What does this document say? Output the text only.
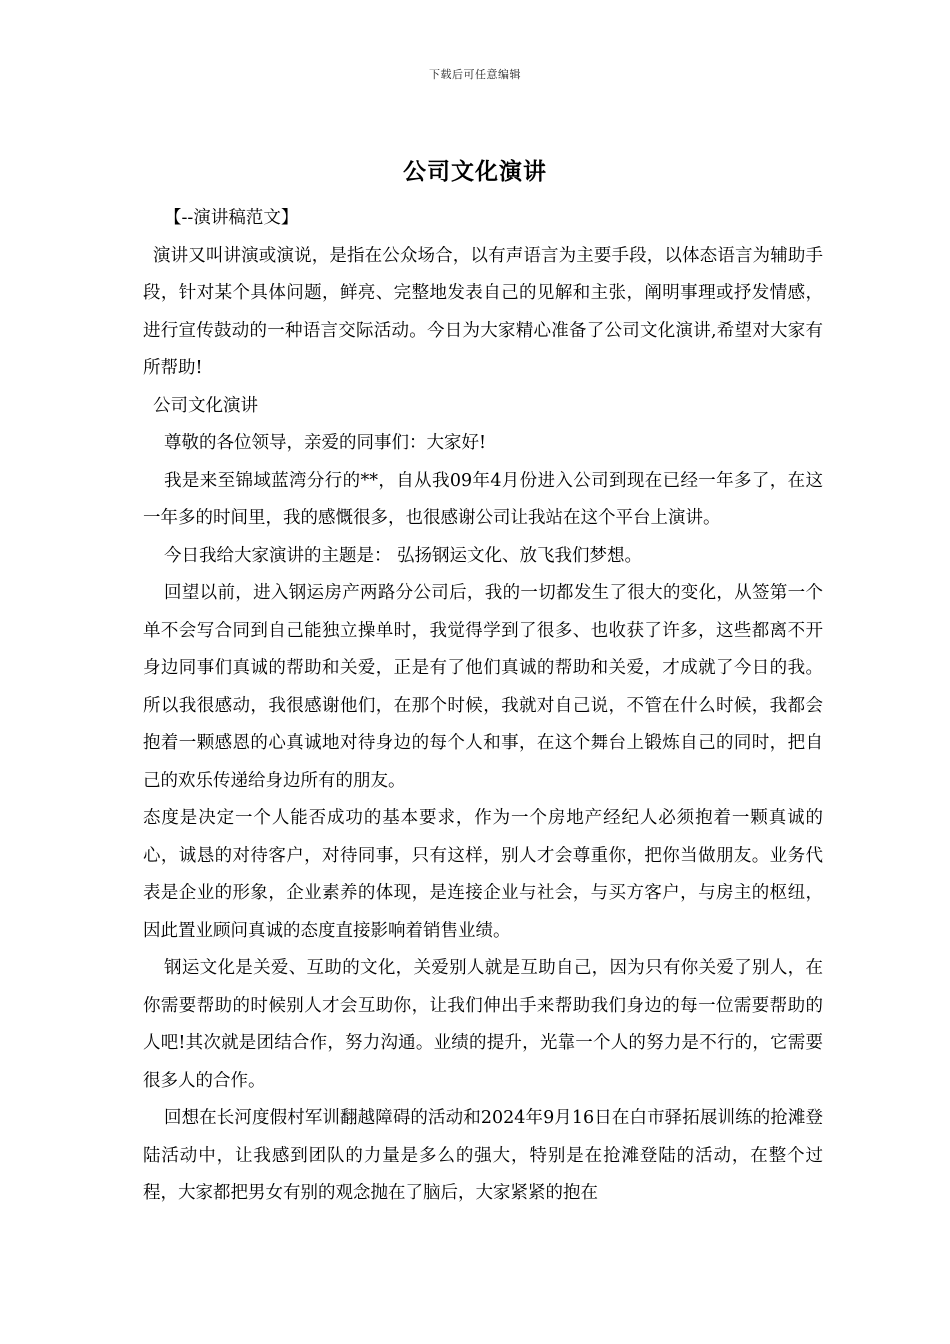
下载后可任意编辑
公司文化演讲

【--演讲稿范文】

演讲又叫讲演或演说，是指在公众场合，以有声语言为主要手段，以体态语言为辅助手段，针对某个具体问题，鲜亮、完整地发表自己的见解和主张，阐明事理或抒发情感，进行宣传鼓动的一种语言交际活动。今日为大家精心准备了公司文化演讲,希望对大家有所帮助!

公司文化演讲

尊敬的各位领导，亲爱的同事们：大家好!

我是来至锦域蓝湾分行的**，自从我09年4月份进入公司到现在已经一年多了，在这一年多的时间里，我的感慨很多，也很感谢公司让我站在这个平台上演讲。

今日我给大家演讲的主题是： 弘扬钢运文化、放飞我们梦想。

回望以前，进入钢运房产两路分公司后，我的一切都发生了很大的变化，从签第一个单不会写合同到自己能独立操单时，我觉得学到了很多、也收获了许多，这些都离不开身边同事们真诚的帮助和关爱，正是有了他们真诚的帮助和关爱，才成就了今日的我。所以我很感动，我很感谢他们，在那个时候，我就对自己说，不管在什么时候，我都会抱着一颗感恩的心真诚地对待身边的每个人和事，在这个舞台上锻炼自己的同时，把自己的欢乐传递给身边所有的朋友。

态度是决定一个人能否成功的基本要求，作为一个房地产经纪人必须抱着一颗真诚的心，诚恳的对待客户，对待同事，只有这样，别人才会尊重你，把你当做朋友。业务代表是企业的形象，企业素养的体现，是连接企业与社会，与买方客户，与房主的枢纽，因此置业顾问真诚的态度直接影响着销售业绩。

钢运文化是关爱、互助的文化，关爱别人就是互助自己，因为只有你关爱了别人，在你需要帮助的时候别人才会互助你，让我们伸出手来帮助我们身边的每一位需要帮助的人吧!其次就是团结合作，努力沟通。业绩的提升，光靠一个人的努力是不行的，它需要很多人的合作。

回想在长河度假村军训翻越障碍的活动和2024年9月16日在白市驿拓展训练的抢滩登陆活动中，让我感到团队的力量是多么的强大，特别是在抢滩登陆的活动，在整个过程，大家都把男女有别的观念抛在了脑后，大家紧紧的抱在
